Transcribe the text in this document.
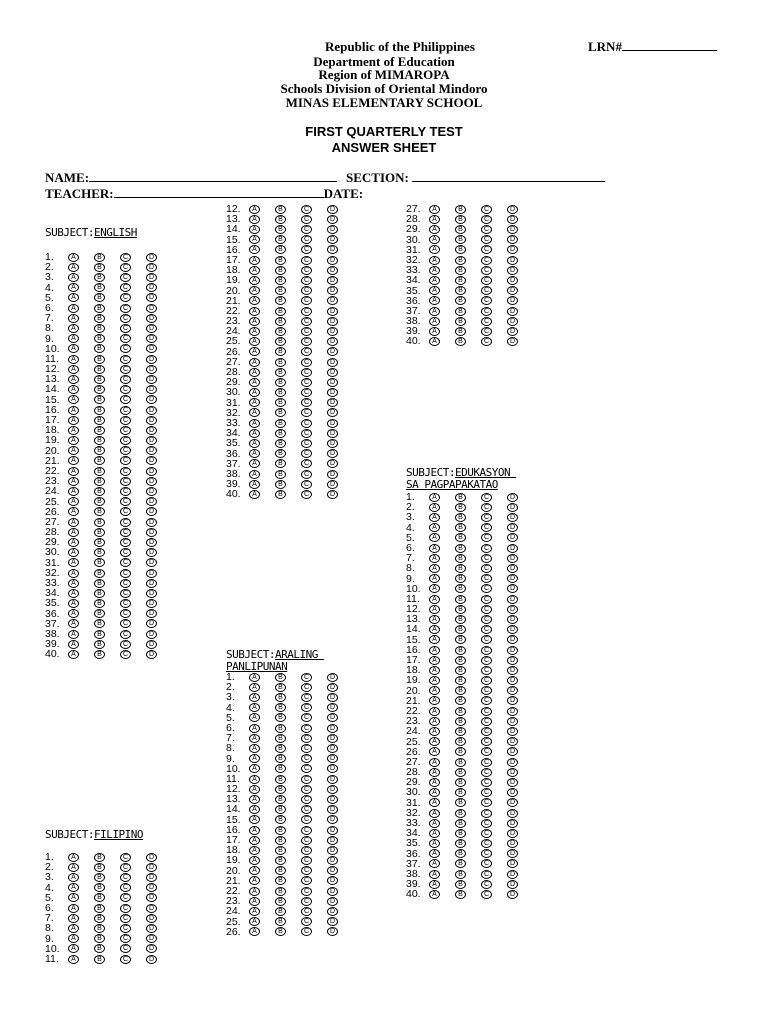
Republic of the Philippines	LRN#
Department of Education
Region of MIMAROPA
Schools Division of Oriental Mindoro
MINAS ELEMENTARY SCHOOL
FIRST QUARTERLY TEST
ANSWER SHEET
NAME:	SECTION:
TEACHER:	DATE:
SUBJECT:ENGLISH
SUBJECT:FILIPINO
SUBJECT:ARALING
PANLIPUNAN
SUBJECT:EDUKASYON
SA PAGPAPAKATAO
1. A	B	C	D
2. A	B	C	D
3. A	B	C	D
4. A	B	C	D
5. A	B	C	D
6. A	B	C	D
7. A	B	C	D
8. A	B	C	D
9. A	B	C	D
10. A	B	C	D
11. A	B	C	D
12. A	B	C	D
13. A	B	C	D
14. A	B	C	D
15. A	B	C	D
16. A	B	C	D
17. A	B	C	D
18. A	B	C	D
19. A	B	C	D
20. A	B	C	D
21. A	B	C	D
22. A	B	C	D
23. A	B	C	D
24. A	B	C	D
25. A	B	C	D
26. A	B	C	D
27. A	B	C	D
28. A	B	C	D
29. A	B	C	D
30. A	B	C	D
31. A	B	C	D
32. A	B	C	D
33. A	B	C	D
34. A	B	C	D
35. A	B	C	D
36. A	B	C	D
37. A	B	C	D
38. A	B	C	D
39. A	B	C	D
40. A	B	C	D
1. A	B	C	D
2. A	B	C	D
3. A	B	C	D
4. A	B	C	D
5. A	B	C	D
6. A	B	C	D
7. A	B	C	D
8. A	B	C	D
9. A	B	C	D
10. A	B	C	D
11. A	B	C	D
12. A	B	C	D
13. A	B	C	D
14. A	B	C	D
15. A	B	C	D
16. A	B	C	D
17. A	B	C	D
18. A	B	C	D
19. A	B	C	D
20. A	B	C	D
21. A	B	C	D
22. A	B	C	D
23. A	B	C	D
24. A	B	C	D
25. A	B	C	D
26. A	B	C	D
27. A	B	C	D
28. A	B	C	D
29. A	B	C	D
30. A	B	C	D
31. A	B	C	D
32. A	B	C	D
33. A	B	C	D
34. A	B	C	D
35. A	B	C	D
36. A	B	C	D
37. A	B	C	D
38. A	B	C	D
39. A	B	C	D
40. A	B	C	D
1. A	B	C	D
2. A	B	C	D
3. A	B	C	D
4. A	B	C	D
5. A	B	C	D
6. A	B	C	D
7. A	B	C	D
8. A	B	C	D
9. A	B	C	D
10. A	B	C	D
11. A	B	C	D
12. A	B	C	D
13. A	B	C	D
14. A	B	C	D
15. A	B	C	D
16. A	B	C	D
17. A	B	C	D
18. A	B	C	D
19. A	B	C	D
20. A	B	C	D
21. A	B	C	D
22. A	B	C	D
23. A	B	C	D
24. A	B	C	D
25. A	B	C	D
26. A	B	C	D
27. A	B	C	D
28. A	B	C	D
29. A	B	C	D
30. A	B	C	D
31. A	B	C	D
32. A	B	C	D
33. A	B	C	D
34. A	B	C	D
35. A	B	C	D
36. A	B	C	D
37. A	B	C	D
38. A	B	C	D
39. A	B	C	D
40. A	B	C	D
1. A	B	C	D
2. A	B	C	D
3. A	B	C	D
4. A	B	C	D
5. A	B	C	D
6. A	B	C	D
7. A	B	C	D
8. A	B	C	D
9. A	B	C	D
10. A	B	C	D
11. A	B	C	D
12. A	B	C	D
13. A	B	C	D
14. A	B	C	D
15. A	B	C	D
16. A	B	C	D
17. A	B	C	D
18. A	B	C	D
19. A	B	C	D
20. A	B	C	D
21. A	B	C	D
22. A	B	C	D
23. A	B	C	D
24. A	B	C	D
25. A	B	C	D
26. A	B	C	D
27. A	B	C	D
28. A	B	C	D
29. A	B	C	D
30. A	B	C	D
31. A	B	C	D
32. A	B	C	D
33. A	B	C	D
34. A	B	C	D
35. A	B	C	D
36. A	B	C	D
37. A	B	C	D
38. A	B	C	D
39. A	B	C	D
40. A	B	C	D
